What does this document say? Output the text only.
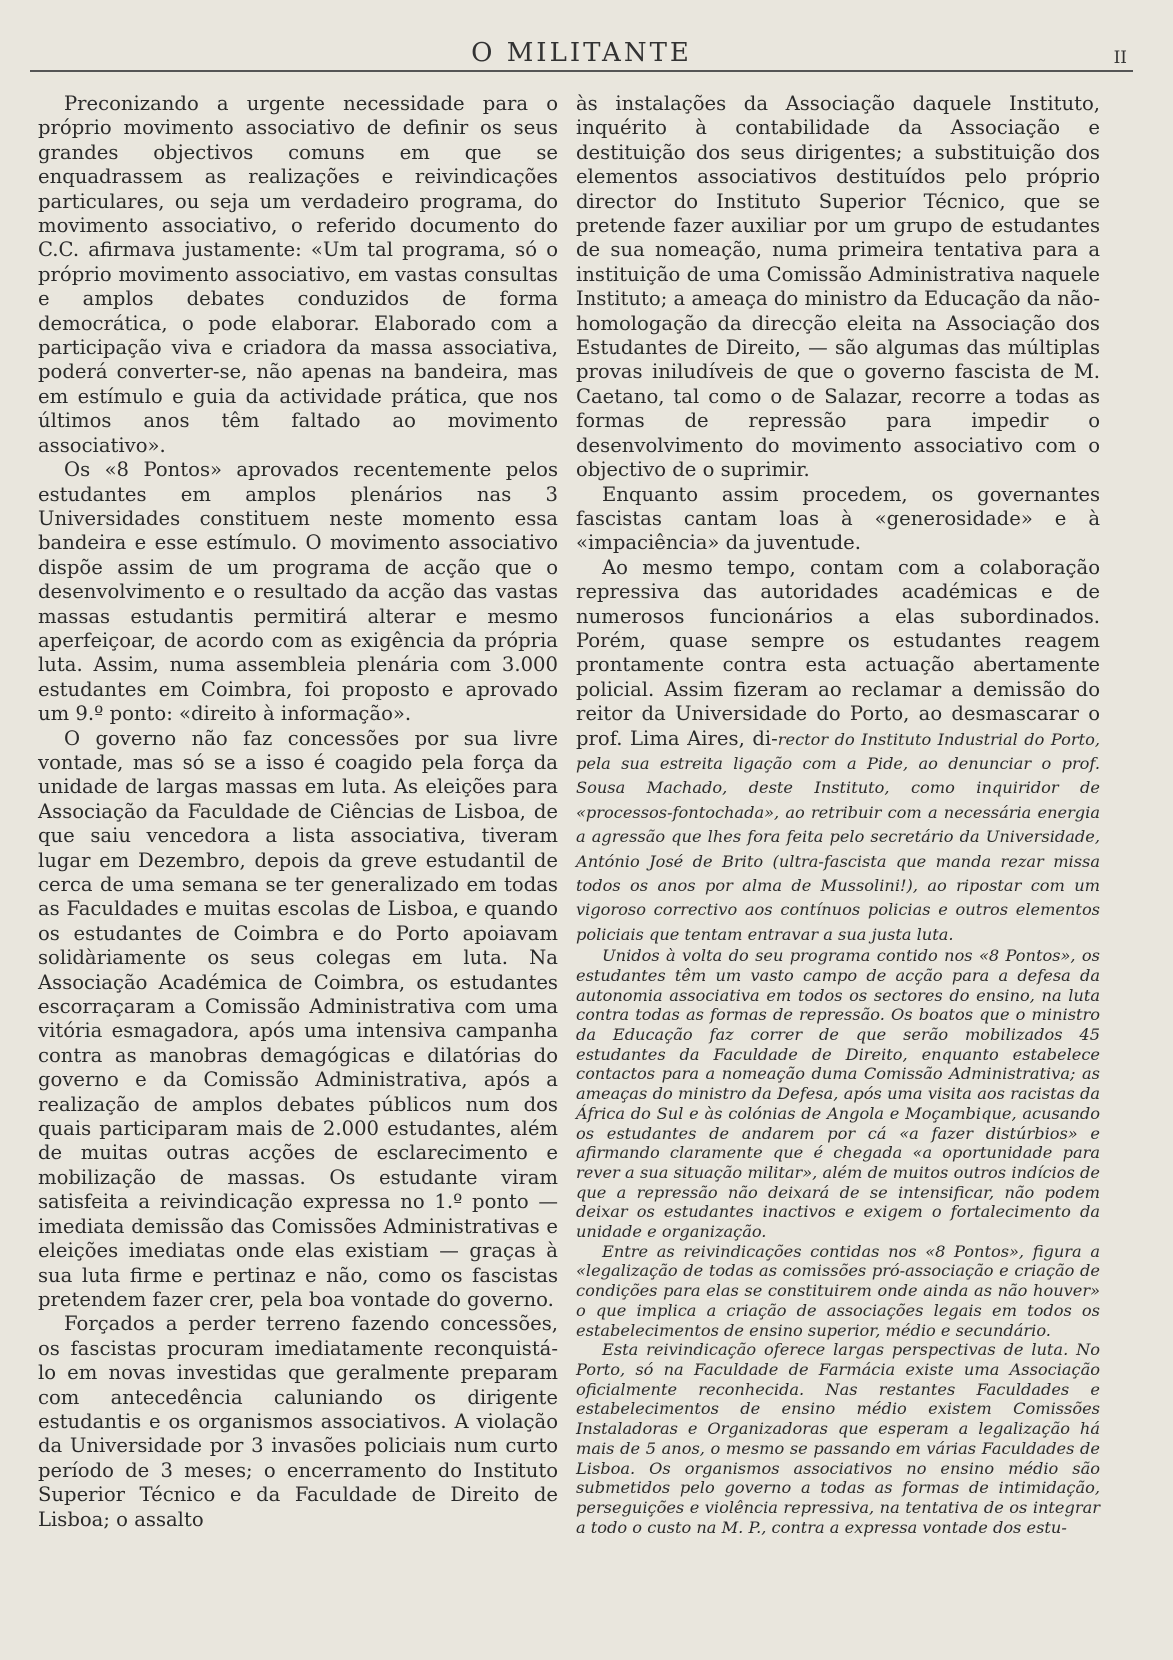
O MILITANTE	II

Preconizando a urgente necessidade para o próprio movimento associativo de definir os seus grandes objectivos comuns em que se enquadrassem as realizações e reivindicações particulares, ou seja um verdadeiro programa, do movimento associativo, o referido documento do C.C. afirmava justamente: «Um tal programa, só o próprio movimento associativo, em vastas consultas e amplos debates conduzidos de forma democrática, o pode elaborar. Elaborado com a participação viva e criadora da massa associativa, poderá converter-se, não apenas na bandeira, mas em estímulo e guia da actividade prática, que nos últimos anos têm faltado ao movimento associativo».

Os «8 Pontos» aprovados recentemente pelos estudantes em amplos plenários nas 3 Universidades constituem neste momento essa bandeira e esse estímulo. O movimento associativo dispõe assim de um programa de acção que o desenvolvimento e o resultado da acção das vastas massas estudantis permitirá alterar e mesmo aperfeiçoar, de acordo com as exigência da própria luta. Assim, numa assembleia plenária com 3.000 estudantes em Coimbra, foi proposto e aprovado um 9.º ponto: «direito à informação».

O governo não faz concessões por sua livre vontade, mas só se a isso é coagido pela força da unidade de largas massas em luta. As eleições para Associação da Faculdade de Ciências de Lisboa, de que saiu vencedora a lista associativa, tiveram lugar em Dezembro, depois da greve estudantil de cerca de uma semana se ter generalizado em todas as Faculdades e muitas escolas de Lisboa, e quando os estudantes de Coimbra e do Porto apoiavam solidàriamente os seus colegas em luta. Na Associação Académica de Coimbra, os estudantes escorraçaram a Comissão Administrativa com uma vitória esmagadora, após uma intensiva campanha contra as manobras demagógicas e dilatórias do governo e da Comissão Administrativa, após a realização de amplos debates públicos num dos quais participaram mais de 2.000 estudantes, além de muitas outras acções de esclarecimento e mobilização de massas. Os estudante viram satisfeita a reivindicação expressa no 1.º ponto — imediata demissão das Comissões Administrativas e eleições imediatas onde elas existiam — graças à sua luta firme e pertinaz e não, como os fascistas pretendem fazer crer, pela boa vontade do governo.

Forçados a perder terreno fazendo concessões, os fascistas procuram imediatamente reconquistá-lo em novas investidas que geralmente preparam com antecedência caluniando os dirigente estudantis e os organismos associativos. A violação da Universidade por 3 invasões policiais num curto período de 3 meses; o encerramento do Instituto Superior Técnico e da Faculdade de Direito de Lisboa; o assalto

às instalações da Associação daquele Instituto, inquérito à contabilidade da Associação e destituição dos seus dirigentes; a substituição dos elementos associativos destituídos pelo próprio director do Instituto Superior Técnico, que se pretende fazer auxiliar por um grupo de estudantes de sua nomeação, numa primeira tentativa para a instituição de uma Comissão Administrativa naquele Instituto; a ameaça do ministro da Educação da não-homologação da direcção eleita na Associação dos Estudantes de Direito, — são algumas das múltiplas provas iniludíveis de que o governo fascista de M. Caetano, tal como o de Salazar, recorre a todas as formas de repressão para impedir o desenvolvimento do movimento associativo com o objectivo de o suprimir.

Enquanto assim procedem, os governantes fascistas cantam loas à «generosidade» e à «impaciência» da juventude.

Ao mesmo tempo, contam com a colaboração repressiva das autoridades académicas e de numerosos funcionários a elas subordinados. Porém, quase sempre os estudantes reagem prontamente contra esta actuação abertamente policial. Assim fizeram ao reclamar a demissão do reitor da Universidade do Porto, ao desmascarar o prof. Lima Aires, di-rector do Instituto Industrial do Porto, pela sua estreita ligação com a Pide, ao denunciar o prof. Sousa Machado, deste Instituto, como inquiridor de «processos-fontochada», ao retribuir com a necessária energia a agressão que lhes fora feita pelo secretário da Universidade, António José de Brito (ultra-fascista que manda rezar missa todos os anos por alma de Mussolini!), ao ripostar com um vigoroso correctivo aos contínuos policias e outros elementos policiais que tentam entravar a sua justa luta.

Unidos à volta do seu programa contido nos «8 Pontos», os estudantes têm um vasto campo de acção para a defesa da autonomia associativa em todos os sectores do ensino, na luta contra todas as formas de repressão. Os boatos que o ministro da Educação faz correr de que serão mobilizados 45 estudantes da Faculdade de Direito, enquanto estabelece contactos para a nomeação duma Comissão Administrativa; as ameaças do ministro da Defesa, após uma visita aos racistas da África do Sul e às colónias de Angola e Moçambique, acusando os estudantes de andarem por cá «a fazer distúrbios» e afirmando claramente que é chegada «a oportunidade para rever a sua situação militar», além de muitos outros indícios de que a repressão não deixará de se intensificar, não podem deixar os estudantes inactivos e exigem o fortalecimento da unidade e organização.

Entre as reivindicações contidas nos «8 Pontos», figura a «legalização de todas as comissões pró-associação e criação de condições para elas se constituirem onde ainda as não houver» o que implica a criação de associações legais em todos os estabelecimentos de ensino superior, médio e secundário.

Esta reivindicação oferece largas perspectivas de luta. No Porto, só na Faculdade de Farmácia existe uma Associação oficialmente reconhecida. Nas restantes Faculdades e estabelecimentos de ensino médio existem Comissões Instaladoras e Organizadoras que esperam a legalização há mais de 5 anos, o mesmo se passando em várias Faculdades de Lisboa. Os organismos associativos no ensino médio são submetidos pelo governo a todas as formas de intimidação, perseguições e violência repressiva, na tentativa de os integrar a todo o custo na M. P., contra a expressa vontade dos estu-
